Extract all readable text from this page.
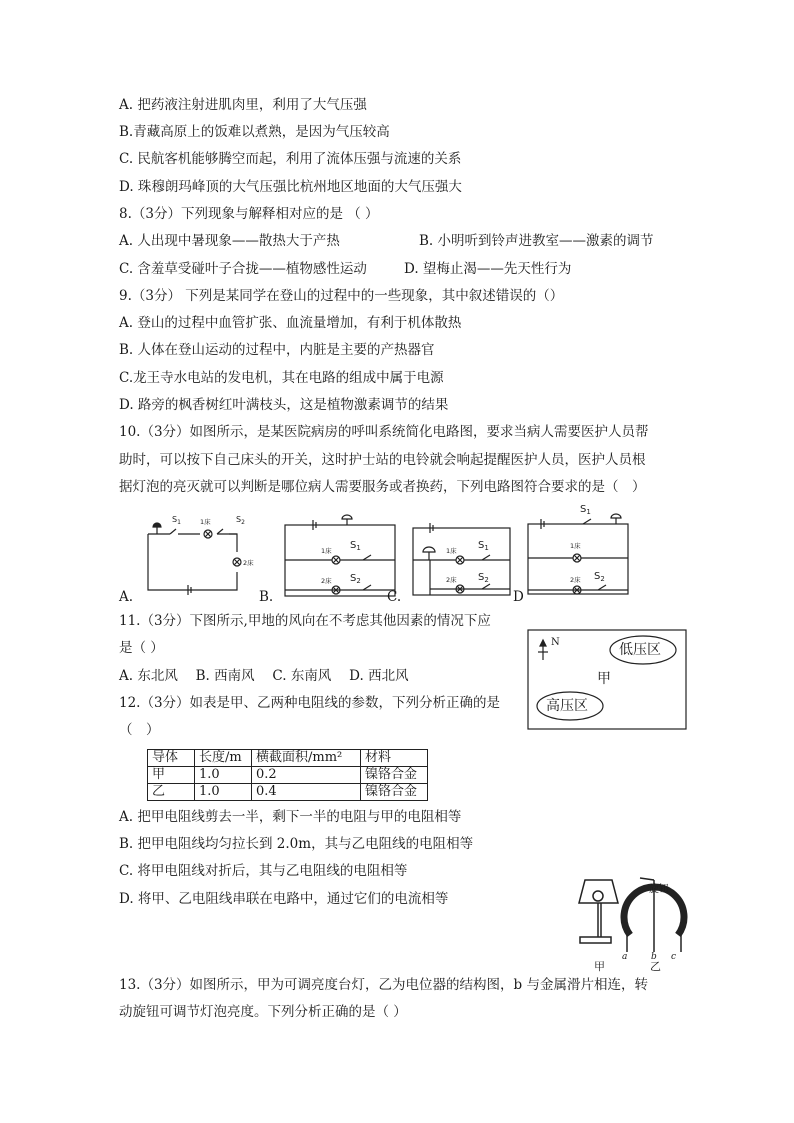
A. 把药液注射进肌肉里，利用了大气压强
B.青藏高原上的饭难以煮熟，是因为气压较高
C. 民航客机能够腾空而起，利用了流体压强与流速的关系
D. 珠穆朗玛峰顶的大气压强比杭州地区地面的大气压强大
8.（3分）下列现象与解释相对应的是 （ ）
A. 人出现中暑现象——散热大于产热	B. 小明听到铃声进教室——激素的调节
C. 含羞草受碰叶子合拢——植物感性运动	D. 望梅止渴——先天性行为
9.（3分） 下列是某同学在登山的过程中的一些现象，其中叙述错误的（）
A. 登山的过程中血管扩张、血流量增加，有利于机体散热
B. 人体在登山运动的过程中，内脏是主要的产热器官
C.龙王寺水电站的发电机，其在电路的组成中属于电源
D. 路旁的枫香树红叶满枝头，这是植物激素调节的结果
10.（3分）如图所示，是某医院病房的呼叫系统简化电路图，要求当病人需要医护人员帮
助时，可以按下自己床头的开关，这时护士站的电铃就会响起提醒医护人员，医护人员根
据灯泡的亮灭就可以判断是哪位病人需要服务或者换药，下列电路图符合要求的是（　）
$S_1$	1床	$S_2$
2床
$S_1$
1床
$S_2$
2床
$S_1$
1床
$S_2$
2床
$S_1$
1床
$S_2$
2床
A.	B.	C.	D
11.（3分）下图所示,甲地的风向在不考虑其他因素的情况下应
是（ ）
A. 东北风　 B. 西南风　 C. 东南风　 D. 西北风
N	低压区
甲
高压区
12.（3分）如表是甲、乙两种电阻线的参数，下列分析正确的是
（　）
导体	长度/m	横截面积/mm²	材料
甲	1.0	0.2	镍铬合金
乙	1.0	0.4	镍铬合金
A. 把甲电阻线剪去一半，剩下一半的电阻与甲的电阻相等
B. 把甲电阻线均匀拉长到 2.0m，其与乙电阻线的电阻相等
C. 将甲电阻线对折后，其与乙电阻线的电阻相等
D. 将甲、乙电阻线串联在电路中，通过它们的电流相等
旋钮
a	b c
甲	乙
13.（3分）如图所示，甲为可调亮度台灯，乙为电位器的结构图，b 与金属滑片相连，转
动旋钮可调节灯泡亮度。下列分析正确的是（ ）
